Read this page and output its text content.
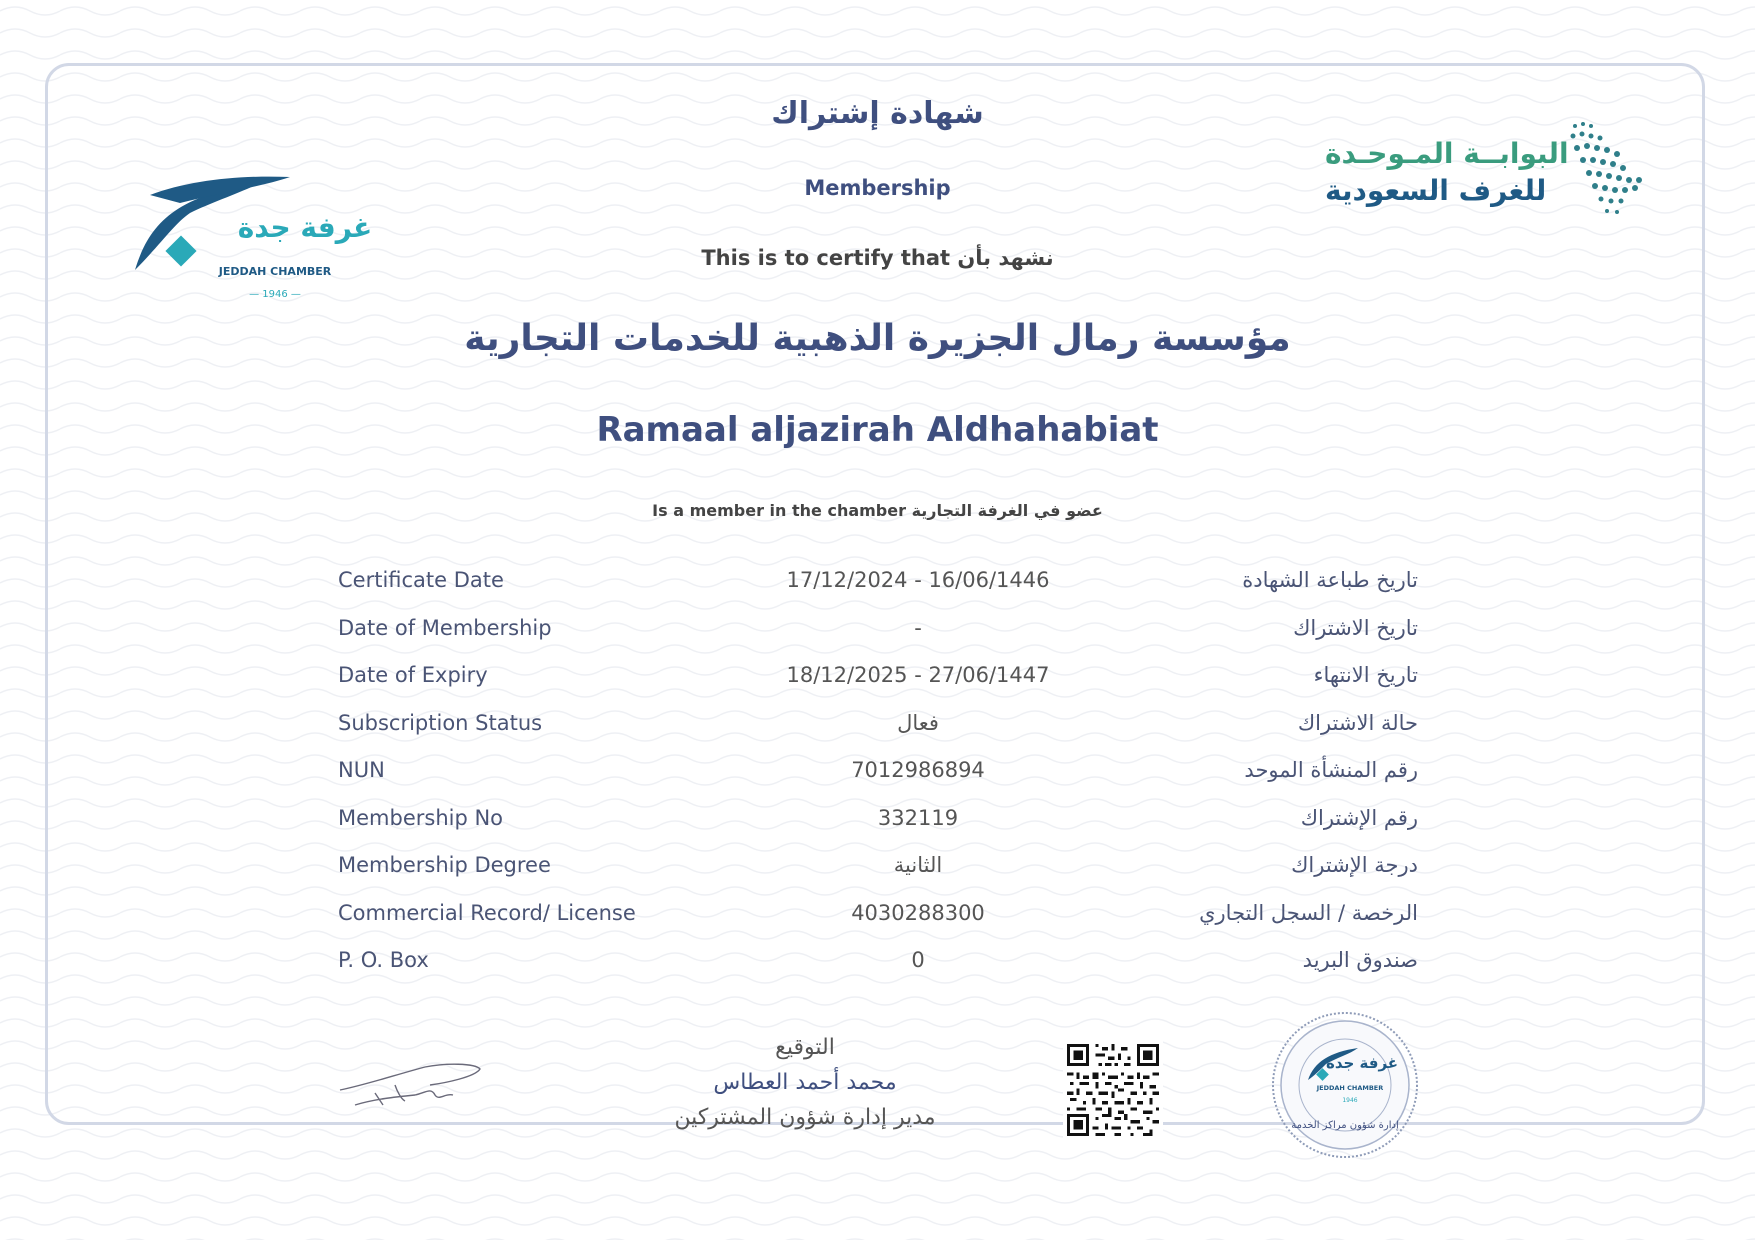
غرفة جدة
JEDDAH CHAMBER
— 1946 —
البوابــة المـوحـدة
للغرف السعودية
شهادة إشتراك
Membership
This is to certify that نشهد بأن
مؤسسة رمال الجزيرة الذهبية للخدمات التجارية
Ramaal aljazirah Aldhahabiat
Is a member in the chamber عضو في الغرفة التجارية
Certificate Date	17/12/2024 - 16/06/1446	تاريخ طباعة الشهادة
Date of Membership	-	تاريخ الاشتراك
Date of Expiry	18/12/2025 - 27/06/1447	تاريخ الانتهاء
Subscription Status	فعال	حالة الاشتراك
NUN	7012986894	رقم المنشأة الموحد
Membership No	332119	رقم الإشتراك
Membership Degree	الثانية	درجة الإشتراك
Commercial Record/ License	4030288300	الرخصة / السجل التجاري
P. O. Box	0	صندوق البريد
التوقيع
محمد أحمد العطاس
مدير إدارة شؤون المشتركين
غرفة جدة
JEDDAH CHAMBER
1946
إدارة شؤون مراكز الخدمة
